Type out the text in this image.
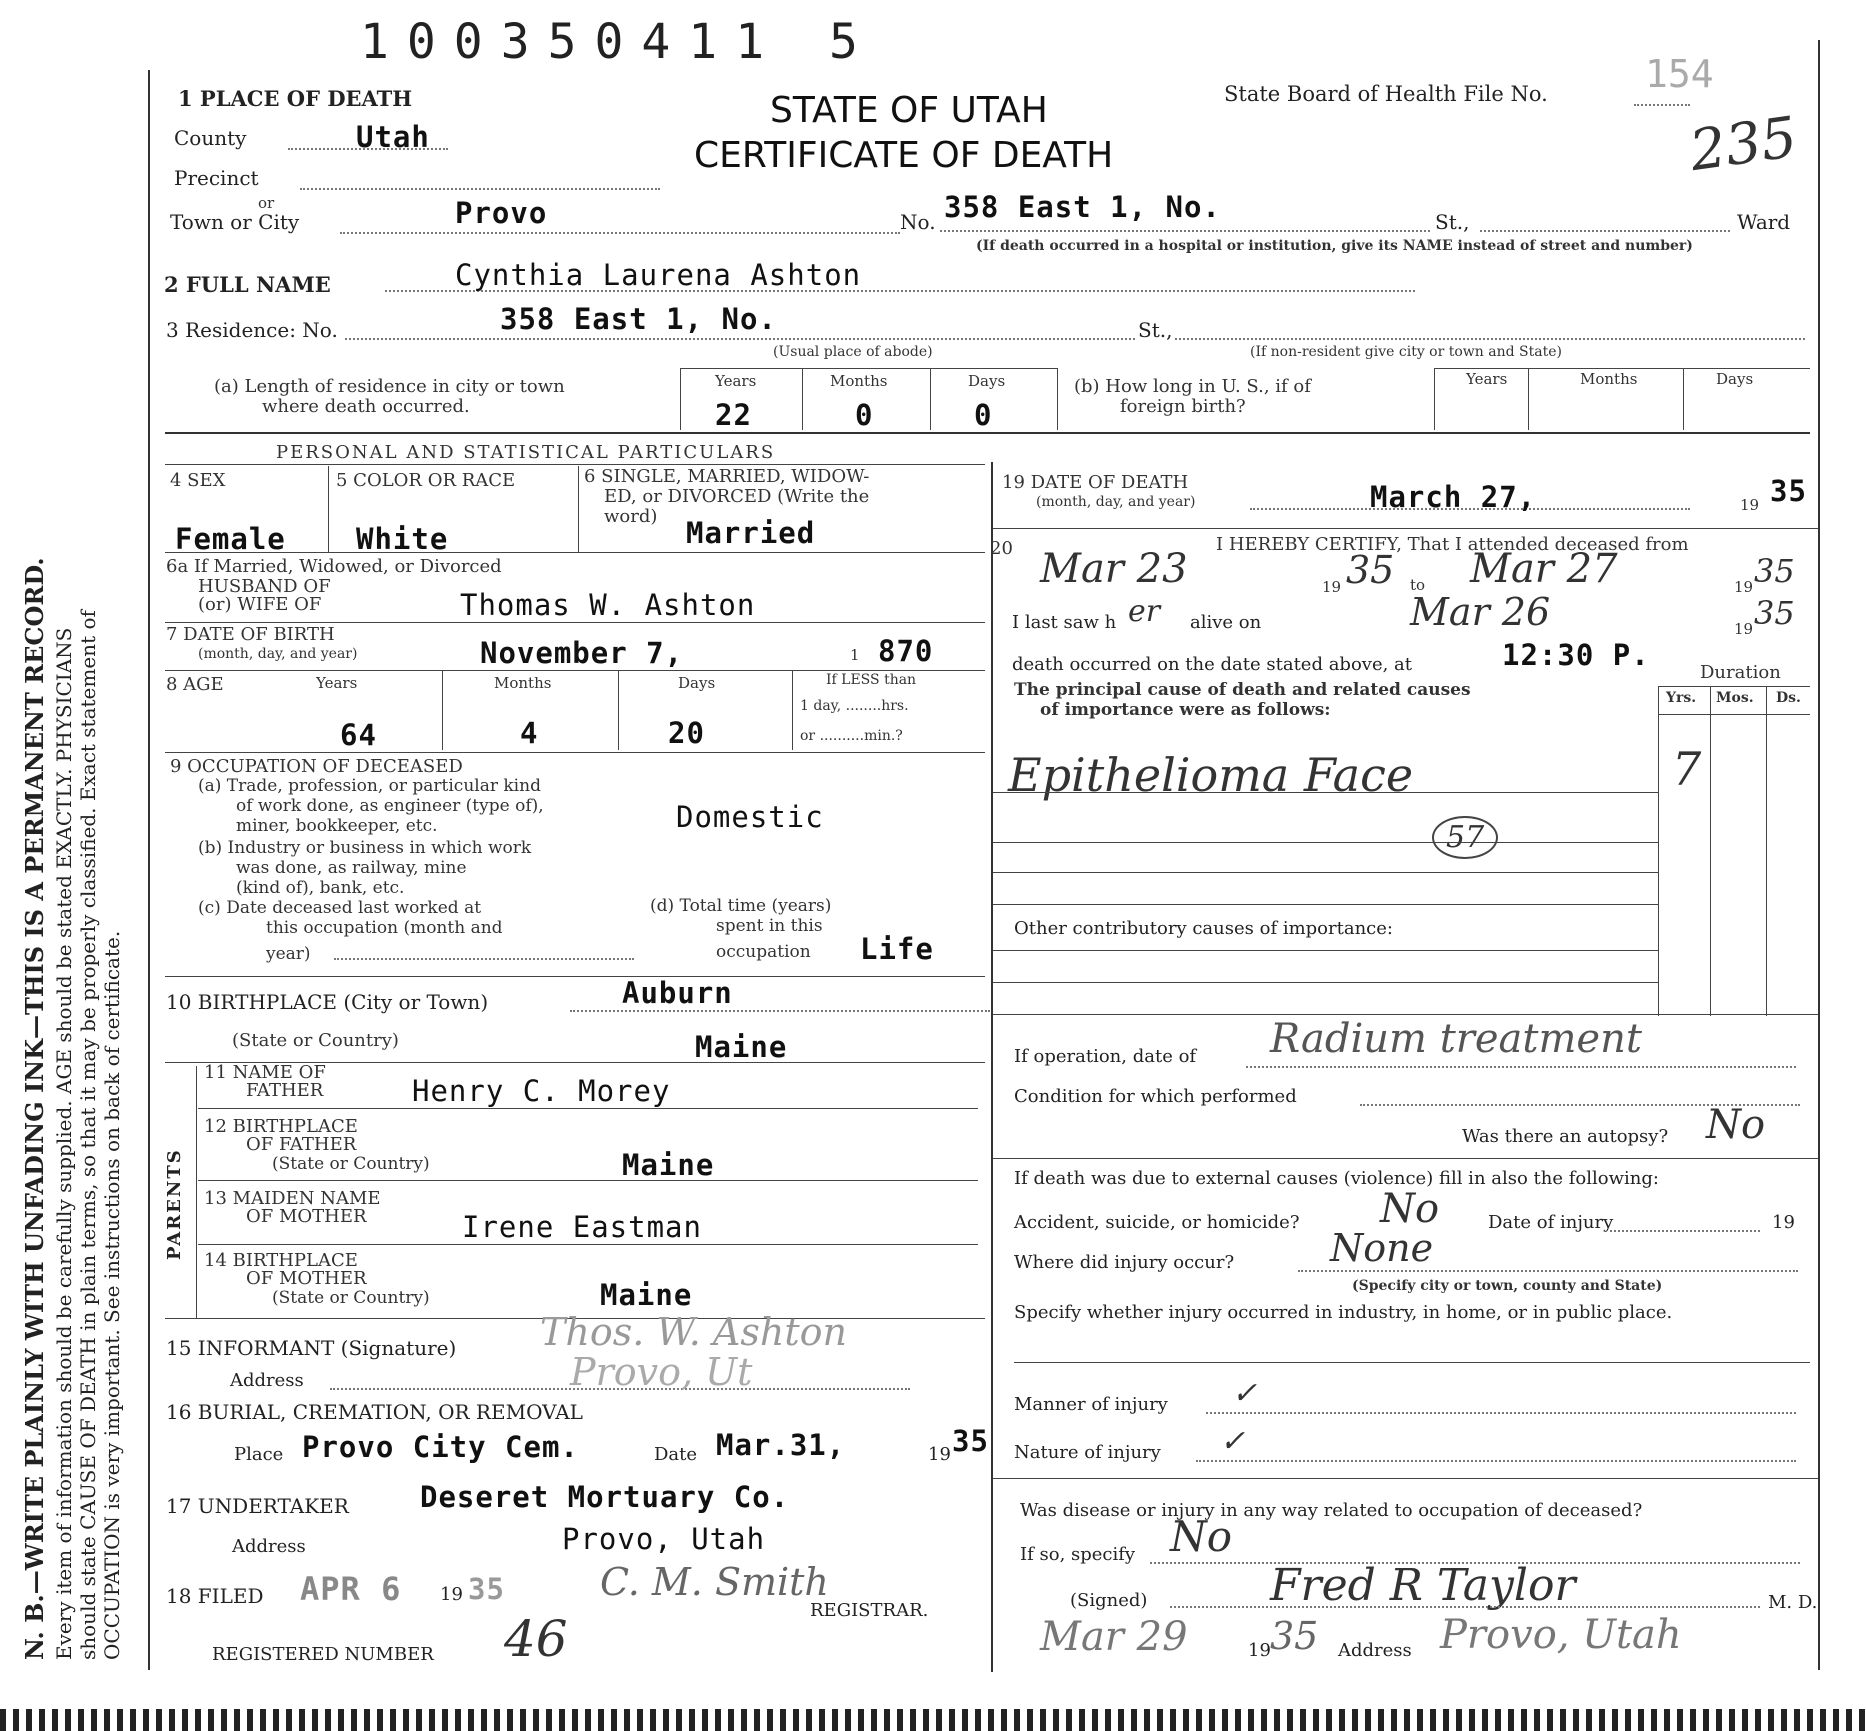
100350411 5
STATE OF UTAH
CERTIFICATE OF DEATH
State Board of Health File No.	154
235
N. B.—WRITE PLAINLY WITH UNFADING INK—THIS IS A PERMANENT RECORD. Every item of information should be carefully supplied. AGE should be stated EXACTLY. PHYSICIANS should state CAUSE OF DEATH in plain terms, so that it may be properly classified. Exact statement of OCCUPATION is very important. See instructions on back of certificate. PARENTS
1 PLACE OF DEATH
County	Utah
Precinct
or
Town or City	Provo	No. 358 East 1, No.	St.,	Ward
(If death occurred in a hospital or institution, give its NAME instead of street and number)
2 FULL NAME	Cynthia Laurena Ashton
3 Residence: No.	358 East 1, No.	St.,
(Usual place of abode)	(If non-resident give city or town and State)
(a) Length of residence in city or town
where death occurred.
Years	Months	Days
22	0	0
(b) How long in U. S., if of
foreign birth?
Years	Months	Days
PERSONAL AND STATISTICAL PARTICULARS
4 SEX
Female
5 COLOR OR RACE
White
6 SINGLE, MARRIED, WIDOW-
ED, or DIVORCED (Write the
word) Married
6a If Married, Widowed, or Divorced
HUSBAND OF
(or) WIFE OF	Thomas W. Ashton
7 DATE OF BIRTH
(month, day, and year)	November 7,	1 870
8 AGE	Years	Months	Days
64	4	20
If LESS than
1 day, ........hrs.
or ..........min.?
9 OCCUPATION OF DECEASED
(a) Trade, profession, or particular kind
of work done, as engineer (type of),
miner, bookkeeper, etc.	Domestic
(b) Industry or business in which work
was done, as railway, mine
(kind of), bank, etc.
(c) Date deceased last worked at
this occupation (month and
year)
(d) Total time (years)
spent in this
occupation Life
10 BIRTHPLACE (City or Town)	Auburn
(State or Country)	Maine
11 NAME OF
FATHER	Henry C. Morey
12 BIRTHPLACE
OF FATHER
(State or Country)	Maine
13 MAIDEN NAME
OF MOTHER	Irene Eastman
14 BIRTHPLACE
OF MOTHER
(State or Country)	Maine
15 INFORMANT (Signature) Thos. W. Ashton
Address	Provo, Ut
16 BURIAL, CREMATION, OR REMOVAL
Place Provo City Cem.	Date Mar.31,	19 35
17 UNDERTAKER Deseret Mortuary Co.
Address	Provo, Utah
18 FILED APR 6 19 35	C. M. Smith
REGISTRAR.
REGISTERED NUMBER 46
19 DATE OF DEATH
(month, day, and year)	March 27,	19 35
20	I HEREBY CERTIFY, That I attended deceased from
Mar 23	19 35 to Mar 27	19 35
I last saw h er alive on	Mar 26	19 35
death occurred on the date stated above, at	12:30 P.
Duration
The principal cause of death and related causes
of importance were as follows:
Yrs. Mos. Ds.
Epithelioma Face	7
57
Other contributory causes of importance:
If operation, date of Radium treatment
Condition for which performed
Was there an autopsy? No
If death was due to external causes (violence) fill in also the following:
Accident, suicide, or homicide? No	Date of injury	19
Where did injury occur?	None
(Specify city or town, county and State)
Specify whether injury occurred in industry, in home, or in public place.
Manner of injury ✓
Nature of injury ✓
Was disease or injury in any way related to occupation of deceased?
If so, specify No
(Signed)	Fred R Taylor	M. D.
Mar 29	19 35 Address Provo, Utah
